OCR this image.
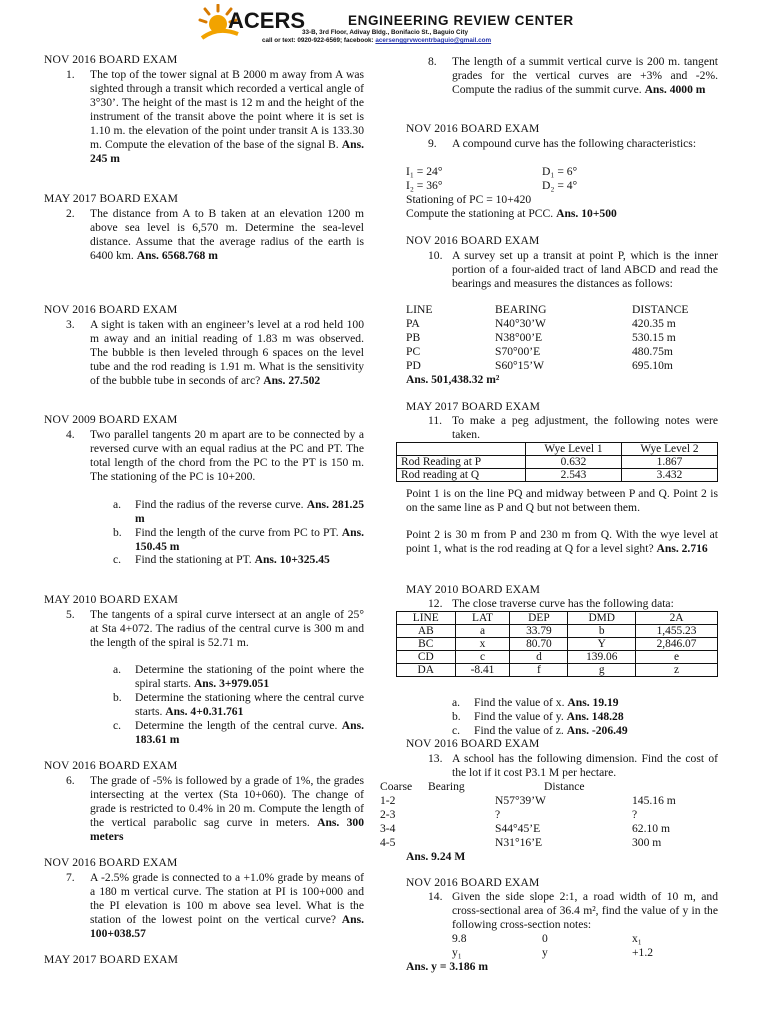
ACERS	ENGINEERING REVIEW CENTER
33-B, 3rd Floor, Adivay Bldg., Bonifacio St., Baguio City
call or text: 0920-922-6569; facebook: acersenggrvwcentrbaguio@gmail.com
NOV 2016 BOARD EXAM
1. The top of the tower signal at B 2000 m away from A was sighted through a transit which recorded a vertical angle of 3°30’. The height of the mast is 12 m and the height of the instrument of the transit above the point where it is set is 1.10 m. the elevation of the point under transit A is 133.30 m. Compute the elevation of the base of the signal B. Ans. 245 m
MAY 2017 BOARD EXAM
2. The distance from A to B taken at an elevation 1200 m above sea level is 6,570 m. Determine the sea-level distance. Assume that the average radius of the earth is 6400 km. Ans. 6568.768 m
NOV 2016 BOARD EXAM
3. A sight is taken with an engineer’s level at a rod held 100 m away and an initial reading of 1.83 m was observed. The bubble is then leveled through 6 spaces on the level tube and the rod reading is 1.91 m. What is the sensitivity of the bubble tube in seconds of arc? Ans. 27.502
NOV 2009 BOARD EXAM
4. Two parallel tangents 20 m apart are to be connected by a reversed curve with an equal radius at the PC and PT. The total length of the chord from the PC to the PT is 150 m. The stationing of the PC is 10+200.
a. Find the radius of the reverse curve. Ans. 281.25 m
b. Find the length of the curve from PC to PT. Ans. 150.45 m
c. Find the stationing at PT. Ans. 10+325.45
MAY 2010 BOARD EXAM
5. The tangents of a spiral curve intersect at an angle of 25° at Sta 4+072. The radius of the central curve is 300 m and the length of the spiral is 52.71 m.
a. Determine the stationing of the point where the spiral starts. Ans. 3+979.051
b. Determine the stationing where the central curve starts. Ans. 4+0.31.761
c. Determine the length of the central curve. Ans. 183.61 m
NOV 2016 BOARD EXAM
6. The grade of -5% is followed by a grade of 1%, the grades intersecting at the vertex (Sta 10+060). The change of grade is restricted to 0.4% in 20 m. Compute the length of the vertical parabolic sag curve in meters. Ans. 300 meters
NOV 2016 BOARD EXAM
7. A -2.5% grade is connected to a +1.0% grade by means of a 180 m vertical curve. The station at PI is 100+000 and the PI elevation is 100 m above sea level. What is the station of the lowest point on the vertical curve? Ans. 100+038.57
MAY 2017 BOARD EXAM
8. The length of a summit vertical curve is 200 m. tangent grades for the vertical curves are +3% and -2%. Compute the radius of the summit curve. Ans. 4000 m
NOV 2016 BOARD EXAM
9. A compound curve has the following characteristics:
I₁ = 24°	D₁ = 6°
I₂ = 36°	D₂ = 4°
Stationing of PC = 10+420
Compute the stationing at PCC. Ans. 10+500
NOV 2016 BOARD EXAM
10. A survey set up a transit at point P, which is the inner portion of a four-aided tract of land ABCD and read the bearings and measures the distances as follows:
LINE	BEARING	DISTANCE
PA	N40°30’W	420.35 m
PB	N38°00’E	530.15 m
PC	S70°00’E	480.75m
PD	S60°15’W	695.10m
Ans. 501,438.32 m²
MAY 2017 BOARD EXAM
11. To make a peg adjustment, the following notes were taken.
	Wye Level 1	Wye Level 2
Rod Reading at P	0.632	1.867
Rod reading at Q	2.543	3.432
Point 1 is on the line PQ and midway between P and Q. Point 2 is on the same line as P and Q but not between them.
Point 2 is 30 m from P and 230 m from Q. With the wye level at point 1, what is the rod reading at Q for a level sight? Ans. 2.716
MAY 2010 BOARD EXAM
12. The close traverse curve has the following data:
LINE	LAT	DEP	DMD	2A
AB	a	33.79	b	1,455.23
BC	x	80.70	Y	2,846.07
CD	c	d	139.06	e
DA	-8.41	f	g	z
a. Find the value of x. Ans. 19.19
b. Find the value of y. Ans. 148.28
c. Find the value of z. Ans. -206.49
NOV 2016 BOARD EXAM
13. A school has the following dimension. Find the cost of the lot if it cost P3.1 M per hectare.
Coarse Bearing	Distance
1-2	N57°39’W	145.16 m
2-3	?	?
3-4	S44°45’E	62.10 m
4-5	N31°16’E	300 m
Ans. 9.24 M
NOV 2016 BOARD EXAM
14. Given the side slope 2:1, a road width of 10 m, and cross-sectional area of 36.4 m², find the value of y in the following cross-section notes:
9.8	0	x₁
y₁	y	+1.2
Ans. y = 3.186 m
